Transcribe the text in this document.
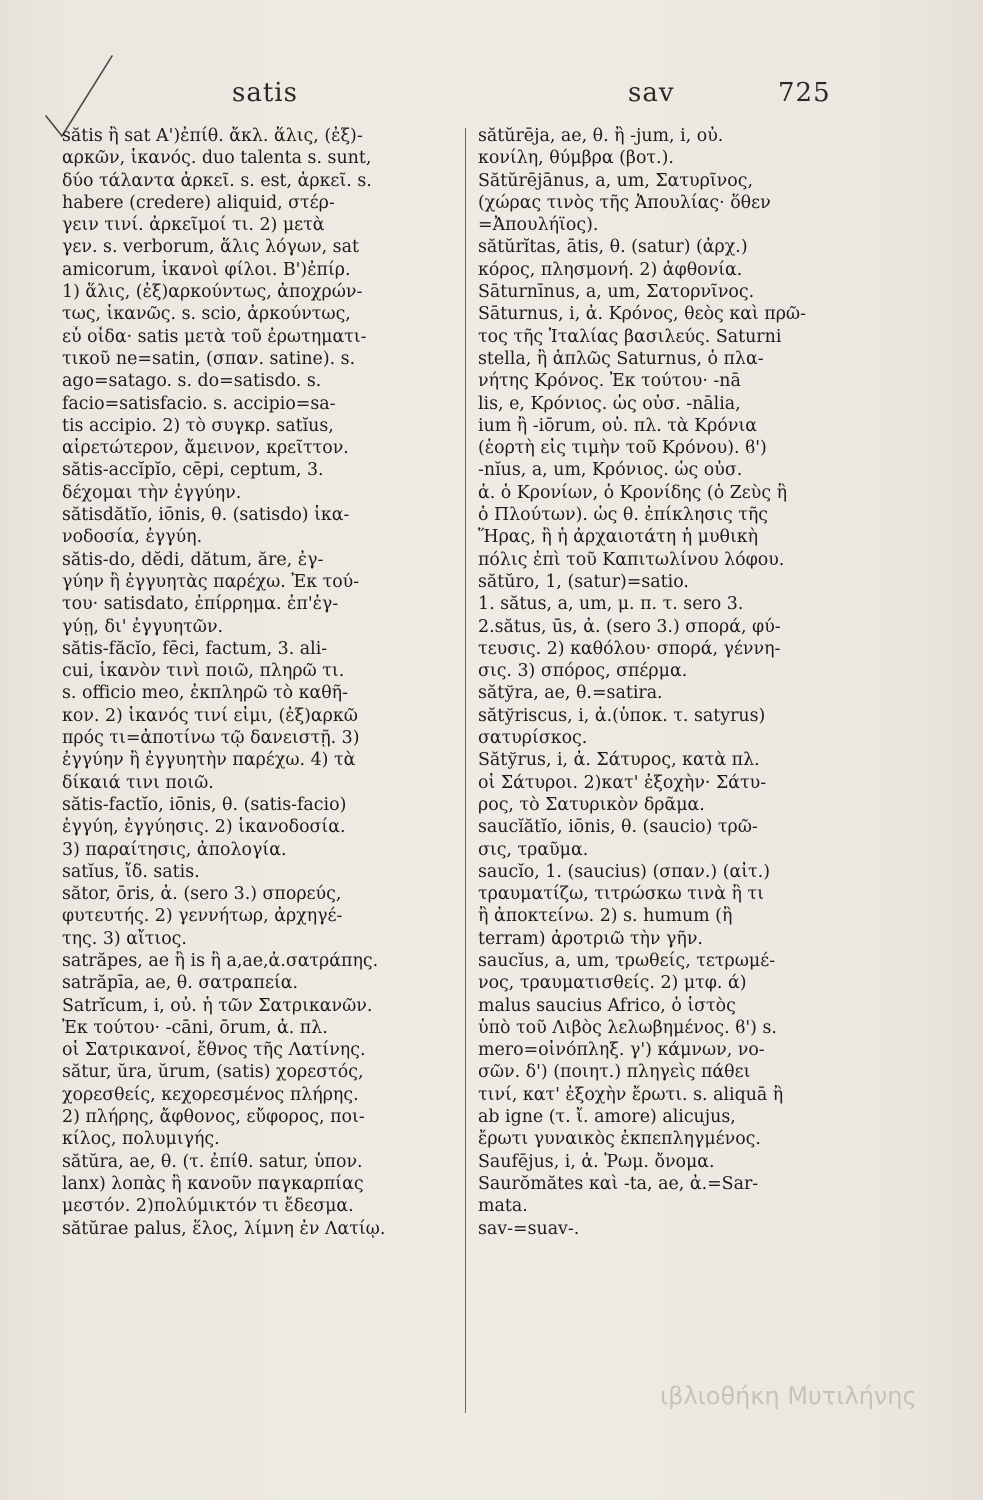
satis	sav	725
sătis ἢ sat A')ἐπίθ. ἄκλ. ἅλις, (ἐξ)-
αρκῶν, ἱκανός. duo talenta s. sunt,
δύο τάλαντα ἀρκεῖ. s. est, ἀρκεῖ. s.
habere (credere) aliquid, στέρ-
γειν τινί. ἀρκεῖμοί τι. 2) μετὰ
γεν. s. verborum, ἅλις λόγων, sat
amicorum, ἱκανοὶ φίλοι. Β')ἐπίρ.
1) ἅλις, (ἐξ)αρκούντως, ἀποχρών-
τως, ἱκανῶς. s. scio, ἀρκούντως,
εὖ οἶδα· satis μετὰ τοῦ ἐρωτηματι-
τικοῦ ne=satin, (σπαν. satine). s.
ago=satago. s. do=satisdo. s.
facio=satisfacio. s. accipio=sa-
tis accipio. 2) τὸ συγκρ. satĭus,
αἱρετώτερον, ἄμεινον, κρεῖττον.
sătis-accĭpĭo, cēpi, ceptum, 3.
δέχομαι τὴν ἐγγύην.
sătisdătĭo, iōnis, θ. (satisdo) ἱκα-
νοδοσία, ἐγγύη.
sătis-do, dĕdi, dătum, ăre, ἐγ-
γύην ἢ ἐγγυητὰς παρέχω. Ἐκ τού-
του· satisdato, ἐπίρρημα. ἐπ'ἐγ-
γύῃ, δι' ἐγγυητῶν.
sătis-făcĭo, fēci, factum, 3. ali-
cui, ἱκανὸν τινὶ ποιῶ, πληρῶ τι.
s. officio meo, ἐκπληρῶ τὸ καθῆ-
κον. 2) ἱκανός τινί εἰμι, (ἐξ)αρκῶ
πρός τι=ἀποτίνω τῷ δανειστῇ. 3)
ἐγγύην ἢ ἐγγυητὴν παρέχω. 4) τὰ
δίκαιά τινι ποιῶ.
sătis-factĭo, iōnis, θ. (satis-facio)
ἐγγύη, ἐγγύησις. 2) ἱκανοδοσία.
3) παραίτησις, ἀπολογία.
satĭus, ἴδ. satis.
sător, ōris, ἀ. (sero 3.) σπορεύς,
φυτευτής. 2) γεννήτωρ, ἀρχηγέ-
της. 3) αἴτιος.
satrăpes, ae ἢ is ἢ a,ae,ἀ.σατράπης.
satrăpīa, ae, θ. σατραπεία.
Satrĭcum, i, οὐ. ἡ τῶν Σατρικανῶν.
Ἐκ τούτου· -cāni, ōrum, ἀ. πλ.
οἱ Σατρικανοί, ἔθνος τῆς Λατίνης.
sătur, ŭra, ŭrum, (satis) χορεστός,
χορεσθείς, κεχορεσμένος πλήρης.
2) πλήρης, ἄφθονος, εὔφορος, ποι-
κίλος, πολυμιγής.
sătŭra, ae, θ. (τ. ἐπίθ. satur, ὑπον.
lanx) λοπὰς ἢ κανοῦν παγκαρπίας
μεστόν. 2)πολύμικτόν τι ἔδεσμα.
sătŭrae palus, ἕλος, λίμνη ἐν Λατίῳ.
sătŭrēja, ae, θ. ἢ -jum, i, οὐ.
κονίλη, θύμβρα (βοτ.).
Sătŭrējānus, a, um, Σατυρῖνος,
(χώρας τινὸς τῆς Ἀπουλίας· ὅθεν
=Ἀπουλήϊος).
sătŭrĭtas, ātis, θ. (satur) (ἀρχ.)
κόρος, πλησμονή. 2) ἀφθονία.
Sāturnīnus, a, um, Σατορνῖνος.
Sāturnus, i, ἀ. Κρόνος, θεὸς καὶ πρῶ-
τος τῆς Ἰταλίας βασιλεύς. Saturni
stella, ἢ ἁπλῶς Saturnus, ὁ πλα-
νήτης Κρόνος. Ἐκ τούτου· -nā
lis, e, Κρόνιος. ὡς οὐσ. -nālia,
ium ἢ -iōrum, οὐ. πλ. τὰ Κρόνια
(ἑορτὴ εἰς τιμὴν τοῦ Κρόνου). ϐ')
-nĭus, a, um, Κρόνιος. ὡς οὐσ.
ἀ. ὁ Κρονίων, ὁ Κρονίδης (ὁ Ζεὺς ἢ
ὁ Πλούτων). ὡς θ. ἐπίκλησις τῆς
Ἥρας, ἢ ἡ ἀρχαιοτάτη ἡ μυθικὴ
πόλις ἐπὶ τοῦ Καπιτωλίνου λόφου.
sătŭro, 1, (satur)=satio.
1. sătus, a, um, μ. π. τ. sero 3.
2.sătus, ūs, ἀ. (sero 3.) σπορά, φύ-
τευσις. 2) καθόλου· σπορά, γέννη-
σις. 3) σπόρος, σπέρμα.
sătўra, ae, θ.=satira.
sătўriscus, i, ἀ.(ὑποκ. τ. satyrus)
σατυρίσκος.
Sătўrus, i, ἀ. Σάτυρος, κατὰ πλ.
οἱ Σάτυροι. 2)κατ' ἐξοχὴν· Σάτυ-
ρος, τὸ Σατυρικὸν δρᾶμα.
saucĭătĭo, iōnis, θ. (saucio) τρῶ-
σις, τραῦμα.
saucĭo, 1. (saucius) (σπαν.) (αἰτ.)
τραυματίζω, τιτρώσκω τινὰ ἢ τι
ἢ ἀποκτείνω. 2) s. humum (ἢ
terram) ἀροτριῶ τὴν γῆν.
saucĭus, a, um, τρωθείς, τετρωμέ-
νος, τραυματισθείς. 2) μτφ. ά)
malus saucius Africo, ὁ ἱστὸς
ὑπὸ τοῦ Λιβὸς λελωβημένος. ϐ') s.
mero=οἰνόπληξ. γ') κάμνων, νο-
σῶν. δ') (ποιητ.) πληγεὶς πάθει
τινί, κατ' ἐξοχὴν ἔρωτι. s. aliquā ἢ
ab igne (τ. ἴ. amore) alicujus,
ἔρωτι γυναικὸς ἐκπεπληγμένος.
Saufējus, i, ἀ. Ῥωμ. ὄνομα.
Saurŏmătes καὶ -ta, ae, ἀ.=Sar-
mata.
sav-=suav-.
ιβλιοθήκη Μυτιλήνης
